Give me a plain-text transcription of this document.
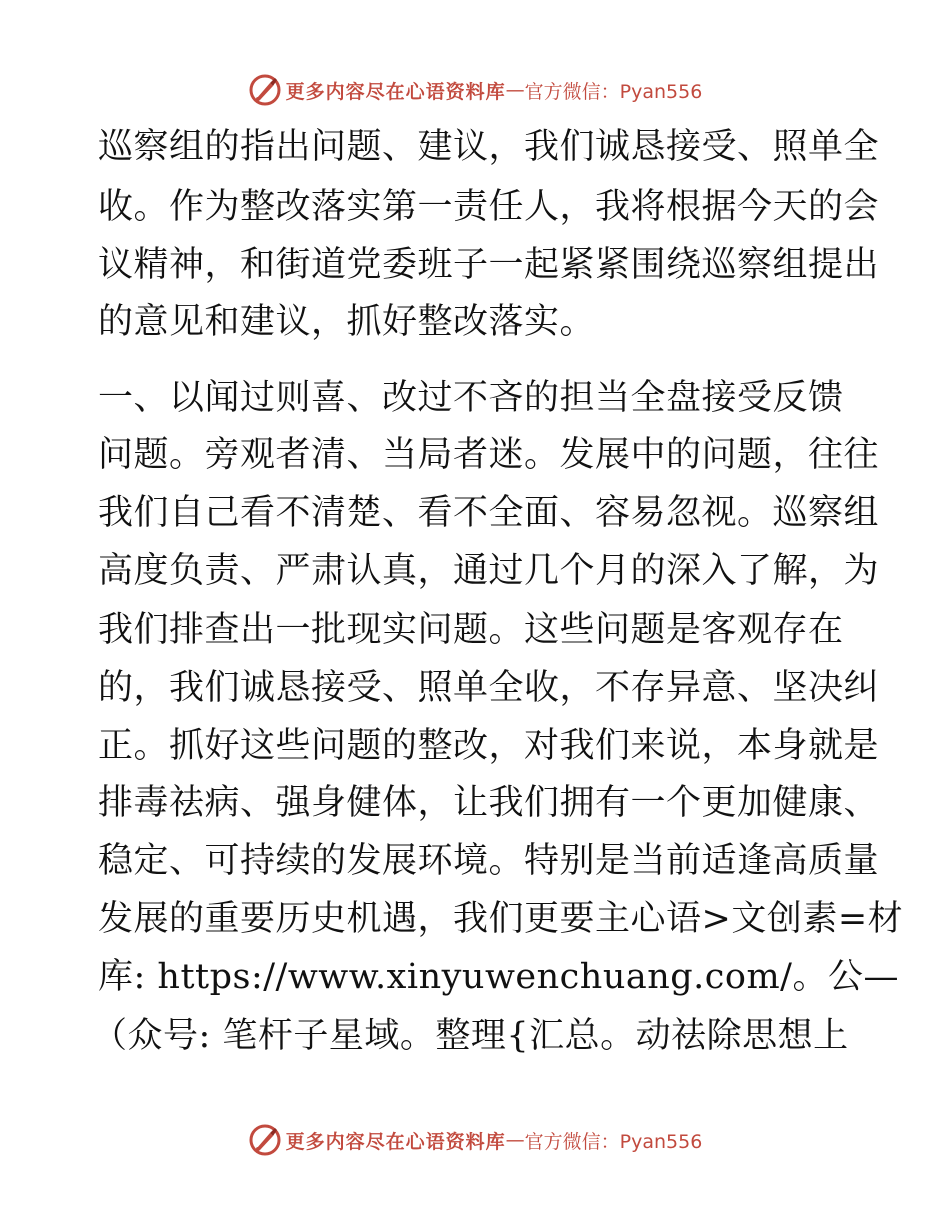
更多内容尽在心语资料库 — 官方微信：Pyan556
巡察组的指出问题、建议，我们诚恳接受、照单全
收。作为整改落实第一责任人，我将根据今天的会
议精神，和街道党委班子一起紧紧围绕巡察组提出
的意见和建议，抓好整改落实。
一、以闻过则喜、改过不吝的担当全盘接受反馈
问题。旁观者清、当局者迷。发展中的问题，往往
我们自己看不清楚、看不全面、容易忽视。巡察组
高度负责、严肃认真，通过几个月的深入了解，为
我们排查出一批现实问题。这些问题是客观存在
的，我们诚恳接受、照单全收，不存异意、坚决纠
正。抓好这些问题的整改，对我们来说，本身就是
排毒祛病、强身健体，让我们拥有一个更加健康、
稳定、可持续的发展环境。特别是当前适逢高质量
发展的重要历史机遇，我们更要主心语>文创素=材
库: https://www.xinyuwenchuang.com/。公—
（众号: 笔杆子星域。整理{汇总。动祛除思想上
更多内容尽在心语资料库 — 官方微信：Pyan556
